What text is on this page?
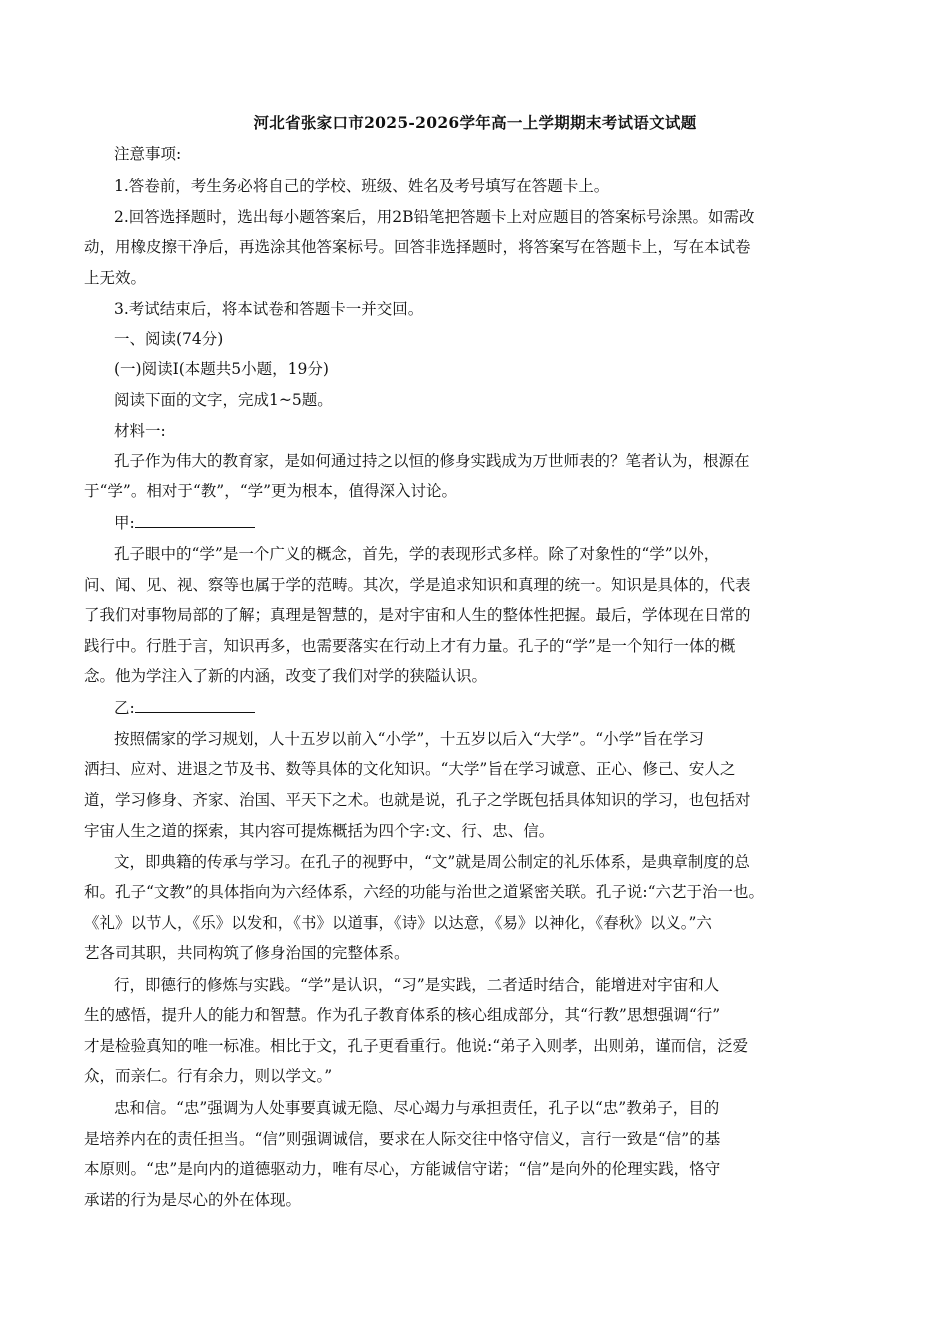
河北省张家口市2025-2026学年高一上学期期末考试语文试题
注意事项:
1.答卷前，考生务必将自己的学校、班级、姓名及考号填写在答题卡上。
2.回答选择题时，选出每小题答案后，用2B铅笔把答题卡上对应题目的答案标号涂黑。如需改
动，用橡皮擦干净后，再选涂其他答案标号。回答非选择题时，将答案写在答题卡上，写在本试卷
上无效。
3.考试结束后，将本试卷和答题卡一并交回。
一、阅读(74分)
(一)阅读Ⅰ(本题共5小题，19分)
阅读下面的文字，完成1~5题。
材料一:
孔子作为伟大的教育家，是如何通过持之以恒的修身实践成为万世师表的？笔者认为，根源在
于“学”。相对于“教”，“学”更为根本，值得深入讨论。
甲:
孔子眼中的“学”是一个广义的概念，首先，学的表现形式多样。除了对象性的“学”以外，
问、闻、见、视、察等也属于学的范畴。其次，学是追求知识和真理的统一。知识是具体的，代表
了我们对事物局部的了解；真理是智慧的，是对宇宙和人生的整体性把握。最后，学体现在日常的
践行中。行胜于言，知识再多，也需要落实在行动上才有力量。孔子的“学”是一个知行一体的概
念。他为学注入了新的内涵，改变了我们对学的狭隘认识。
乙:
按照儒家的学习规划，人十五岁以前入“小学”，十五岁以后入“大学”。“小学”旨在学习
洒扫、应对、进退之节及书、数等具体的文化知识。“大学”旨在学习诚意、正心、修己、安人之
道，学习修身、齐家、治国、平天下之术。也就是说，孔子之学既包括具体知识的学习，也包括对
宇宙人生之道的探索，其内容可提炼概括为四个字:文、行、忠、信。
文，即典籍的传承与学习。在孔子的视野中，“文”就是周公制定的礼乐体系，是典章制度的总
和。孔子“文教”的具体指向为六经体系，六经的功能与治世之道紧密关联。孔子说:“六艺于治一也。
《礼》以节人，《乐》以发和，《书》以道事，《诗》以达意，《易》以神化，《春秋》以义。”六
艺各司其职，共同构筑了修身治国的完整体系。
行，即德行的修炼与实践。“学”是认识，“习”是实践，二者适时结合，能增进对宇宙和人
生的感悟，提升人的能力和智慧。作为孔子教育体系的核心组成部分，其“行教”思想强调“行”
才是检验真知的唯一标准。相比于文，孔子更看重行。他说:“弟子入则孝，出则弟，谨而信，泛爱
众，而亲仁。行有余力，则以学文。”
忠和信。“忠”强调为人处事要真诚无隐、尽心竭力与承担责任，孔子以“忠”教弟子，目的
是培养内在的责任担当。“信”则强调诚信，要求在人际交往中恪守信义，言行一致是“信”的基
本原则。“忠”是向内的道德驱动力，唯有尽心，方能诚信守诺；“信”是向外的伦理实践，恪守
承诺的行为是尽心的外在体现。
